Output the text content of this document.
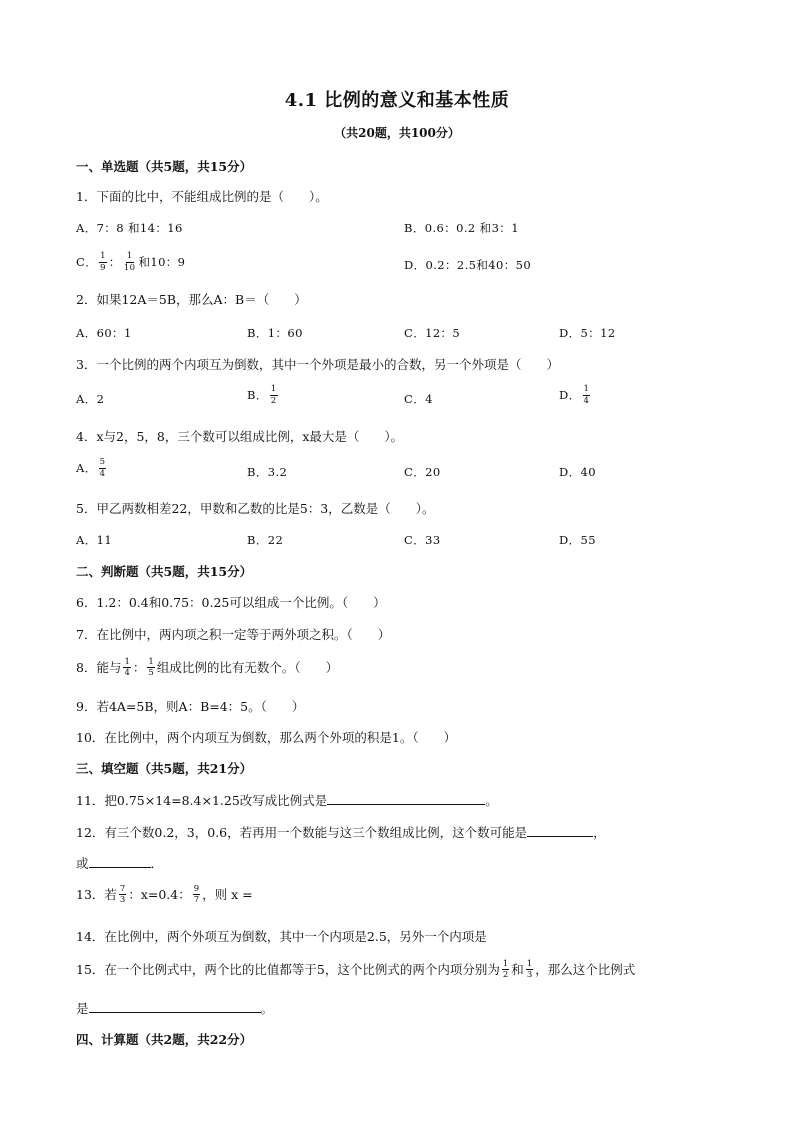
4.1 比例的意义和基本性质
（共20题，共100分）
一、单选题（共5题，共15分）
1．下面的比中，不能组成比例的是（　　）。
A．7：8 和14：16	B．0.6：0.2 和3：1
C． $\frac{1}{9}$ ： $\frac{1}{10}$ 和10：9	D．0.2：2.5和40：50
2．如果12A＝5B，那么A：B＝（　　）
A．60：1	B．1：60	C．12：5	D．5：12
3．一个比例的两个内项互为倒数，其中一个外项是最小的合数，另一个外项是（　　）
A．2	B． $\frac{1}{2}$	C．4	D． $\frac{1}{4}$
4．x与2，5，8，三个数可以组成比例，x最大是（　　）。
A． $\frac{5}{4}$	B．3.2	C．20	D．40
5．甲乙两数相差22，甲数和乙数的比是5：3，乙数是（　　）。
A．11	B．22	C．33	D．55
二、判断题（共5题，共15分）
6．1.2：0.4和0.75：0.25可以组成一个比例。（　　）
7．在比例中，两内项之积一定等于两外项之积。（　　）
8．能与 $\frac{1}{4}$ ： $\frac{1}{5}$ 组成比例的比有无数个。（　　）
9．若4A=5B，则A：B=4：5。（　　）
10．在比例中，两个内项互为倒数，那么两个外项的积是1。（　　）
三、填空题（共5题，共21分）
11．把0.75×14=8.4×1.25改写成比例式是	。
12．有三个数0.2，3，0.6，若再用一个数能与这三个数组成比例，这个数可能是	，
或	．
13．若 $\frac{7}{3}$ ：x=0.4： $\frac{9}{7}$ ，则 x =
14．在比例中，两个外项互为倒数，其中一个内项是2.5，另外一个内项是
15．在一个比例式中，两个比的比值都等于5，这个比例式的两个内项分别为 $\frac{1}{2}$ 和 $\frac{1}{3}$ ，那么这个比例式
是	。
四、计算题（共2题，共22分）
